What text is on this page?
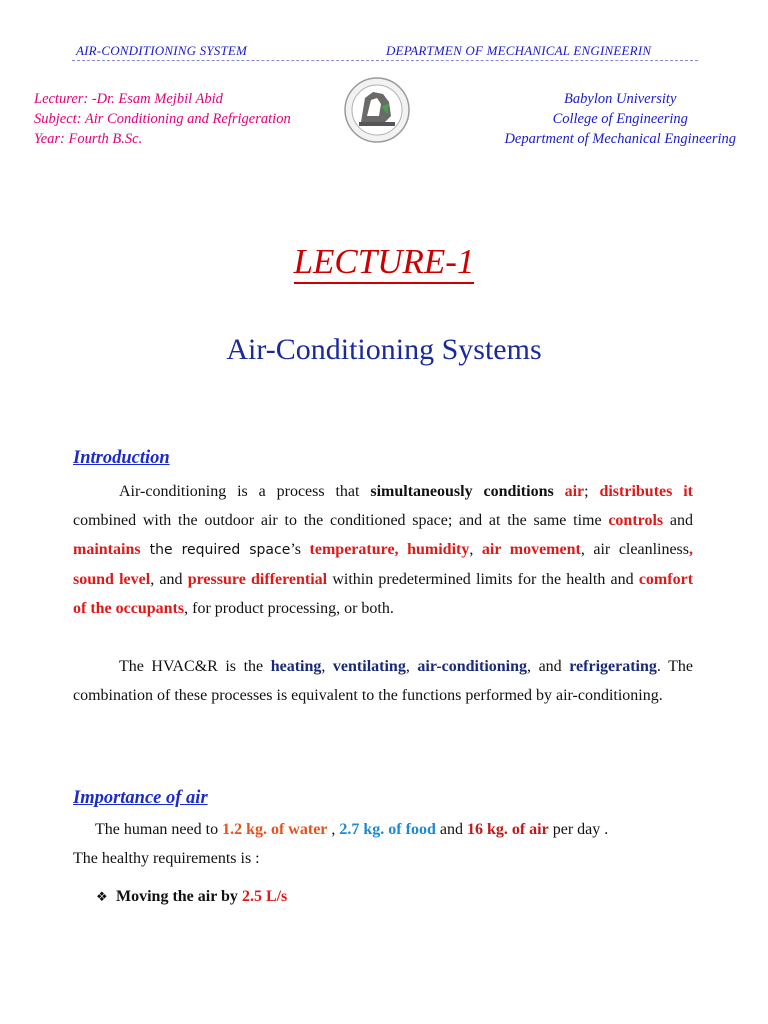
AIR-CONDITIONING SYSTEM	DEPARTMEN OF MECHANICAL ENGINEERIN
Lecturer: -Dr. Esam Mejbil Abid
Subject: Air Conditioning and Refrigeration
Year: Fourth B.Sc.
Babylon University
College of Engineering
Department of Mechanical Engineering
LECTURE-1
Air-Conditioning Systems
Introduction
Air-conditioning is a process that simultaneously conditions air; distributes it combined with the outdoor air to the conditioned space; and at the same time controls and maintains the required space’s temperature, humidity, air movement, air cleanliness, sound level, and pressure differential within predetermined limits for the health and comfort of the occupants, for product processing, or both.
The HVAC&R is the heating, ventilating, air-conditioning, and refrigerating. The combination of these processes is equivalent to the functions performed by air-conditioning.
Importance of air
The human need to 1.2 kg. of water , 2.7 kg. of food and 16 kg. of air per day .
The healthy requirements is :
❖ Moving the air by 2.5 L/s
